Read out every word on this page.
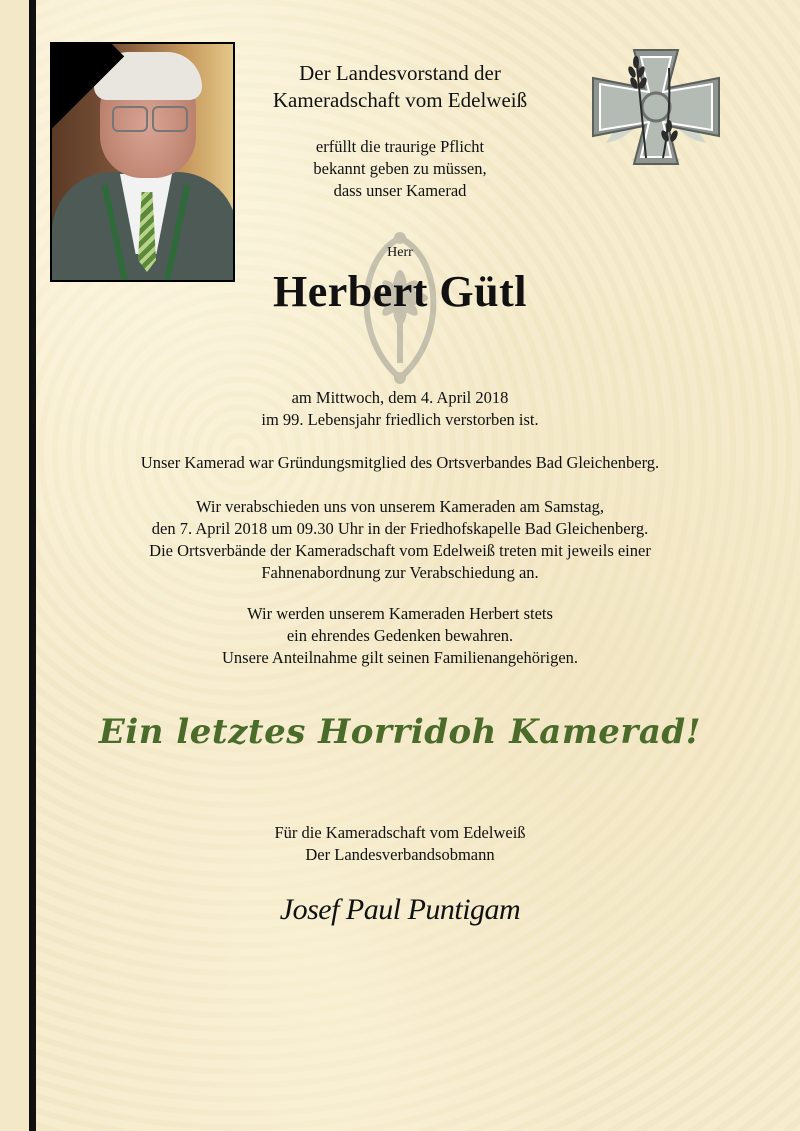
Der Landesvorstand der
Kameradschaft vom Edelweiß
erfüllt die traurige Pflicht
bekannt geben zu müssen,
dass unser Kamerad
Herr
Herbert Gütl
am Mittwoch, dem 4. April 2018
im 99. Lebensjahr friedlich verstorben ist.
Unser Kamerad war Gründungsmitglied des Ortsverbandes Bad Gleichenberg.
Wir verabschieden uns von unserem Kameraden am Samstag,
den 7. April 2018 um 09.30 Uhr in der Friedhofskapelle Bad Gleichenberg.
Die Ortsverbände der Kameradschaft vom Edelweiß treten mit jeweils einer
Fahnenabordnung zur Verabschiedung an.
Wir werden unserem Kameraden Herbert stets
ein ehrendes Gedenken bewahren.
Unsere Anteilnahme gilt seinen Familienangehörigen.
Ein letztes Horridoh Kamerad!
Für die Kameradschaft vom Edelweiß
Der Landesverbandsobmann
Josef Paul Puntigam
